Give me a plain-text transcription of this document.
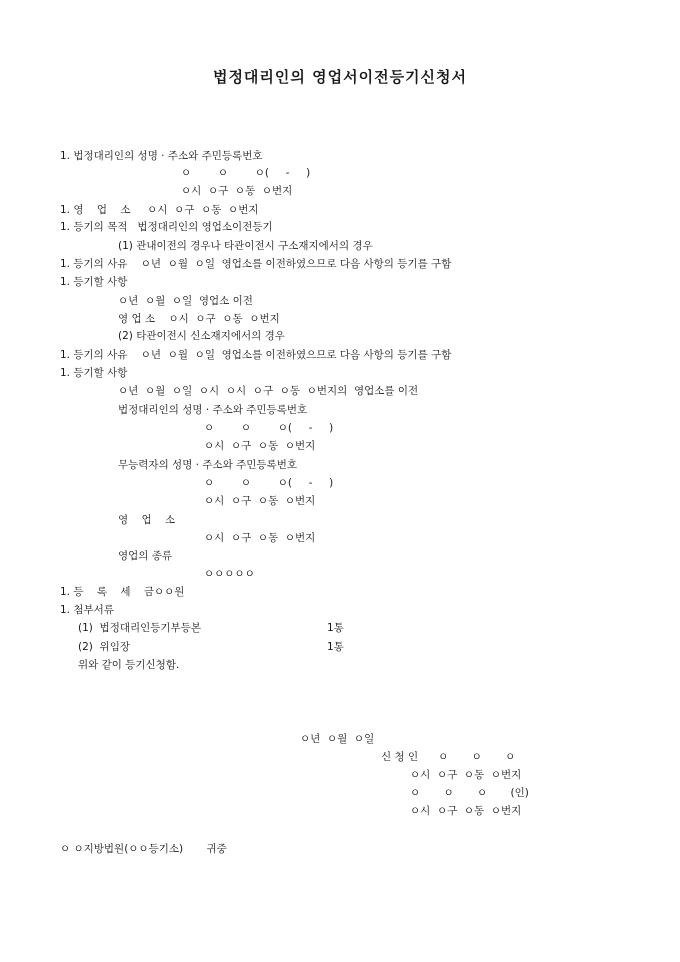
법정대리인의 영업서이전등기신청서

1. 법정대리인의 성명 · 주소와 주민등록번호

ㅇ        ㅇ        ㅇ(     -     )

ㅇ시  ㅇ구  ㅇ동  ㅇ번지

1. 영    업    소     ㅇ시  ㅇ구  ㅇ동  ㅇ번지

1. 등기의 목적   법정대리인의 영업소이전등기

(1) 관내이전의 경우나 타관이전시 구소재지에서의 경우

1. 등기의 사유    ㅇ년  ㅇ월  ㅇ일  영업소를 이전하였으므로 다음 사항의 등기를 구함

1. 등기할 사항

ㅇ년  ㅇ월  ㅇ일  영업소 이전

영 업 소    ㅇ시  ㅇ구  ㅇ동  ㅇ번지

(2) 타관이전시 신소재지에서의 경우

1. 등기의 사유    ㅇ년  ㅇ월  ㅇ일  영업소를 이전하였으므로 다음 사항의 등기를 구함

1. 등기할 사항

ㅇ년  ㅇ월  ㅇ일  ㅇ시  ㅇ시  ㅇ구  ㅇ동  ㅇ번지의  영업소를 이전

법정대리인의 성명 · 주소와 주민등록번호

ㅇ        ㅇ        ㅇ(     -     )

ㅇ시  ㅇ구  ㅇ동  ㅇ번지

무능력자의 성명 · 주소와 주민등록번호

ㅇ        ㅇ        ㅇ(     -     )

ㅇ시  ㅇ구  ㅇ동  ㅇ번지

영    업    소

ㅇ시  ㅇ구  ㅇ동  ㅇ번지

영업의 종류

ㅇㅇㅇㅇㅇ

1. 등    록    세    금ㅇㅇ원

1. 첨부서류

(1)  법정대리인등기부등본	1통

(2)  위임장	1통

위와 같이 등기신청함.

ㅇ년  ㅇ월  ㅇ일

신 청 인      ㅇ       ㅇ       ㅇ

ㅇ시  ㅇ구  ㅇ동  ㅇ번지

ㅇ       ㅇ       ㅇ       (인)

ㅇ시  ㅇ구  ㅇ동  ㅇ번지

ㅇ ㅇ지방법원(ㅇㅇ등기소)       귀중
